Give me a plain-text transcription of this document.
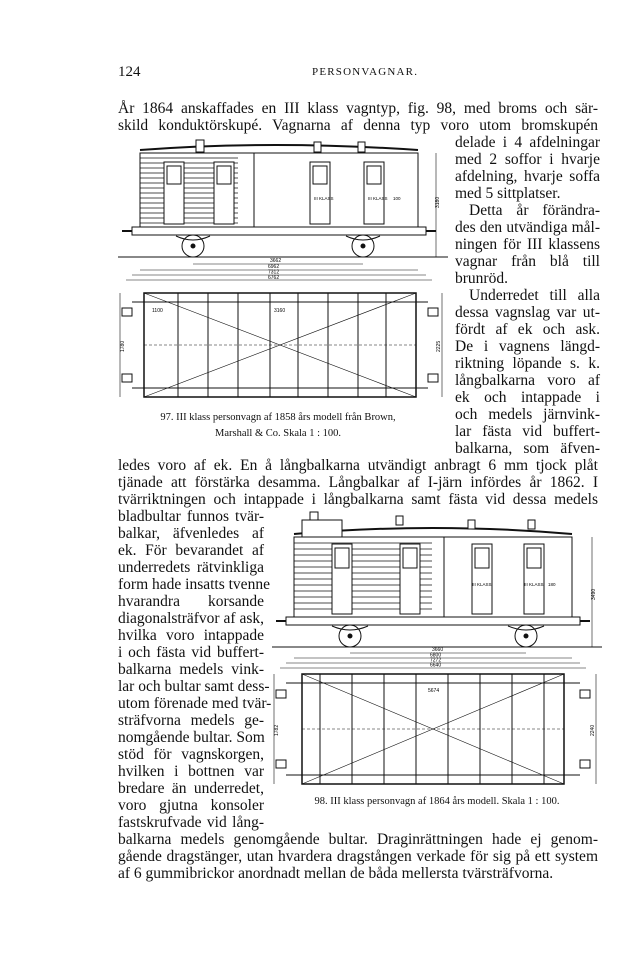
124	PERSONVAGNAR.
År 1864 anskaffades en III klass vagntyp, fig. 98, med broms och sär-
skild konduktörskupé. Vagnarna af denna typ voro utom bromskupén
III KLASS	III KLASS 100
3662
6962
7312
6762
3180
1100	3160
1780	2225
97. III klass personvagn af 1858 års modell från Brown,
Marshall & Co. Skala 1 : 100.
delade i 4 afdelningar
med 2 soffor i hvarje
afdelning, hvarje soffa
med 5 sittplatser.
Detta år förändra-
des den utvändiga mål-
ningen för III klassens
vagnar från blå till
brunröd.
Underredet till alla
dessa vagnslag var ut-
fördt af ek och ask.
De i vagnens längd-
riktning löpande s. k.
långbalkarna voro af
ek och intappade i
och medels järnvink-
lar fästa vid buffert-
balkarna, som äfven-
ledes voro af ek. En å långbalkarna utvändigt anbragt 6 mm tjock plåt
tjänade att förstärka desamma. Långbalkar af I-järn infördes år 1862. I
tvärriktningen och intappade i långbalkarna samt fästa vid dessa medels
bladbultar funnos tvär-
balkar, äfvenledes af
ek. För bevarandet af
underredets rätvinkliga
form hade insatts tvenne
hvarandra korsande
diagonalsträfvor af ask,
hvilka voro intappade
i och fästa vid buffert-
balkarna medels vink-
lar och bultar samt dess-
utom förenade med tvär-
sträfvorna medels ge-
nomgående bultar. Som
stöd för vagnskorgen,
hvilken i bottnen var
bredare än underredet,
voro gjutna konsoler
fastskrufvade vid lång-
III KLASS	III KLASS 180
3660
6800
7272
6640
3490
5674
1782	2240
98. III klass personvagn af 1864 års modell. Skala 1 : 100.
balkarna medels genomgående bultar. Draginrättningen hade ej genom-
gående dragstänger, utan hvardera dragstången verkade för sig på ett system
af 6 gummibrickor anordnadt mellan de båda mellersta tvärsträfvorna.
